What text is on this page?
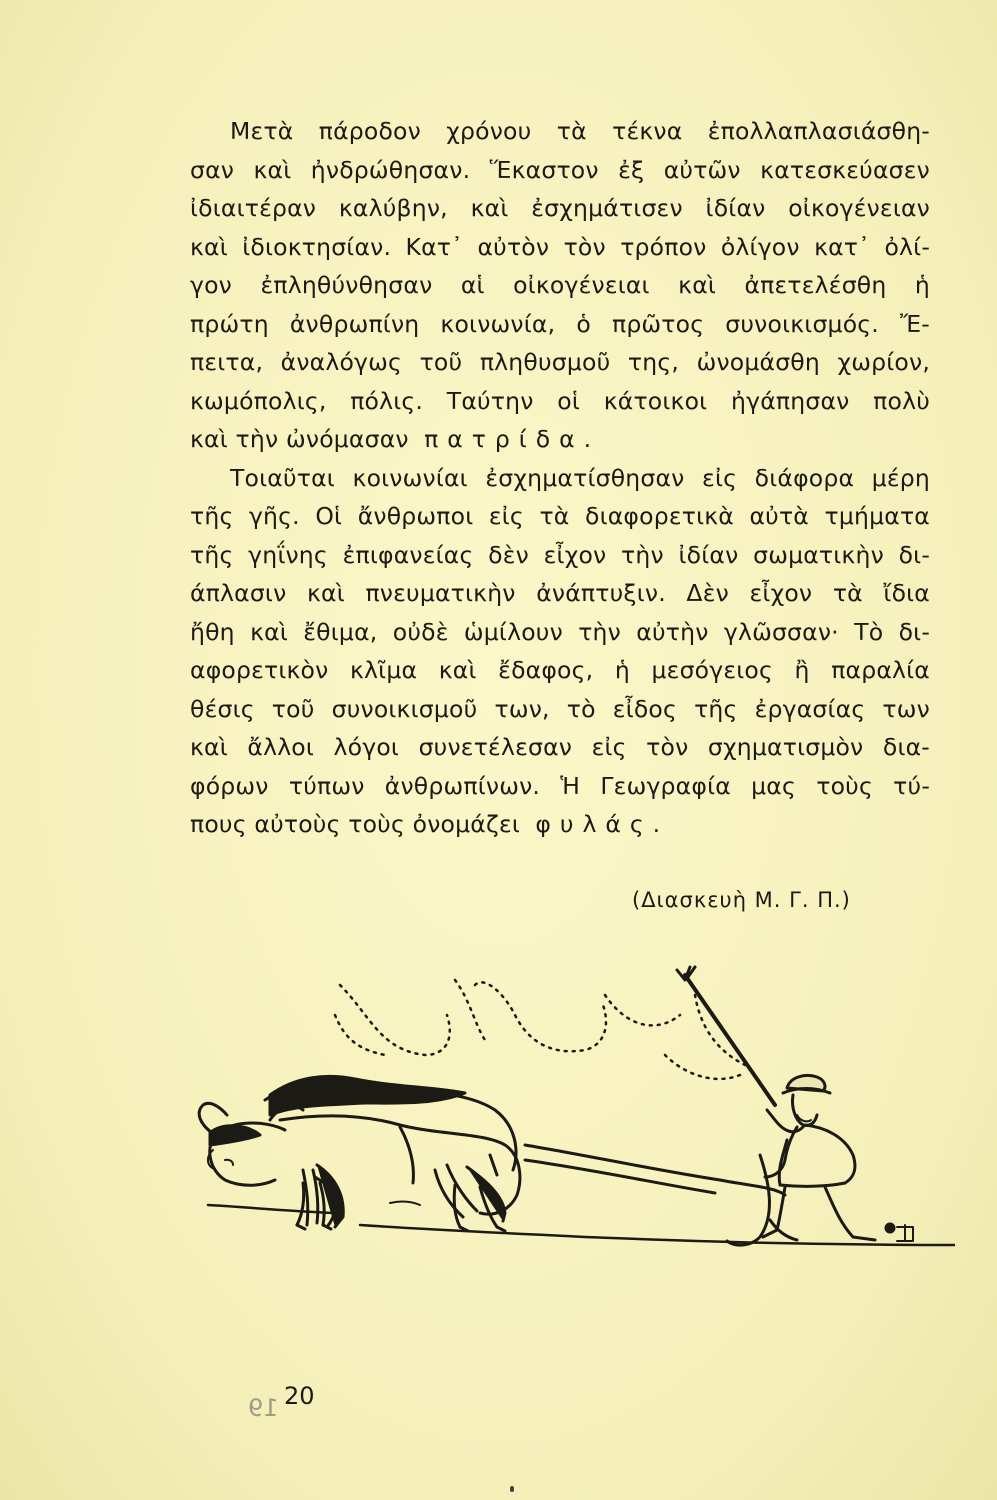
Μετὰ πάροδον χρόνου τὰ τέκνα ἐπολλαπλασιάσθη-
σαν καὶ ἠνδρώθησαν. Ἕκαστον ἐξ αὐτῶν κατεσκεύασεν
ἰδιαιτέραν καλύβην, καὶ ἐσχημάτισεν ἰδίαν οἰκογένειαν
καὶ ἰδιοκτησίαν. Κατ᾽ αὐτὸν τὸν τρόπον ὀλίγον κατ᾽ ὀλί-
γον ἐπληθύνθησαν αἱ οἰκογένειαι καὶ ἀπετελέσθη ἡ
πρώτη ἀνθρωπίνη κοινωνία, ὁ πρῶτος συνοικισμός. Ἔ-
πειτα, ἀναλόγως τοῦ πληθυσμοῦ της, ὠνομάσθη χωρίον,
κωμόπολις, πόλις. Ταύτην οἱ κάτοικοι ἠγάπησαν πολὺ
καὶ τὴν ὠνόμασαν πατρίδα.

Τοιαῦται κοινωνίαι ἐσχηματίσθησαν εἰς διάφορα μέρη
τῆς γῆς. Οἱ ἄνθρωποι εἰς τὰ διαφορετικὰ αὐτὰ τμήματα
τῆς γηΐνης ἐπιφανείας δὲν εἶχον τὴν ἰδίαν σωματικὴν δι-
άπλασιν καὶ πνευματικὴν ἀνάπτυξιν. Δὲν εἶχον τὰ ἴδια
ἤθη καὶ ἔθιμα, οὐδὲ ὡμίλουν τὴν αὐτὴν γλῶσσαν· Τὸ δι-
αφορετικὸν κλῖμα καὶ ἔδαφος, ἡ μεσόγειος ἢ παραλία
θέσις τοῦ συνοικισμοῦ των, τὸ εἶδος τῆς ἐργασίας των
καὶ ἄλλοι λόγοι συνετέλεσαν εἰς τὸν σχηματισμὸν δια-
φόρων τύπων ἀνθρωπίνων. Ἡ Γεωγραφία μας τοὺς τύ-
πους αὐτοὺς τοὺς ὀνομάζει φυλάς.

(Διασκευὴ Μ. Γ. Π.)
19 20
